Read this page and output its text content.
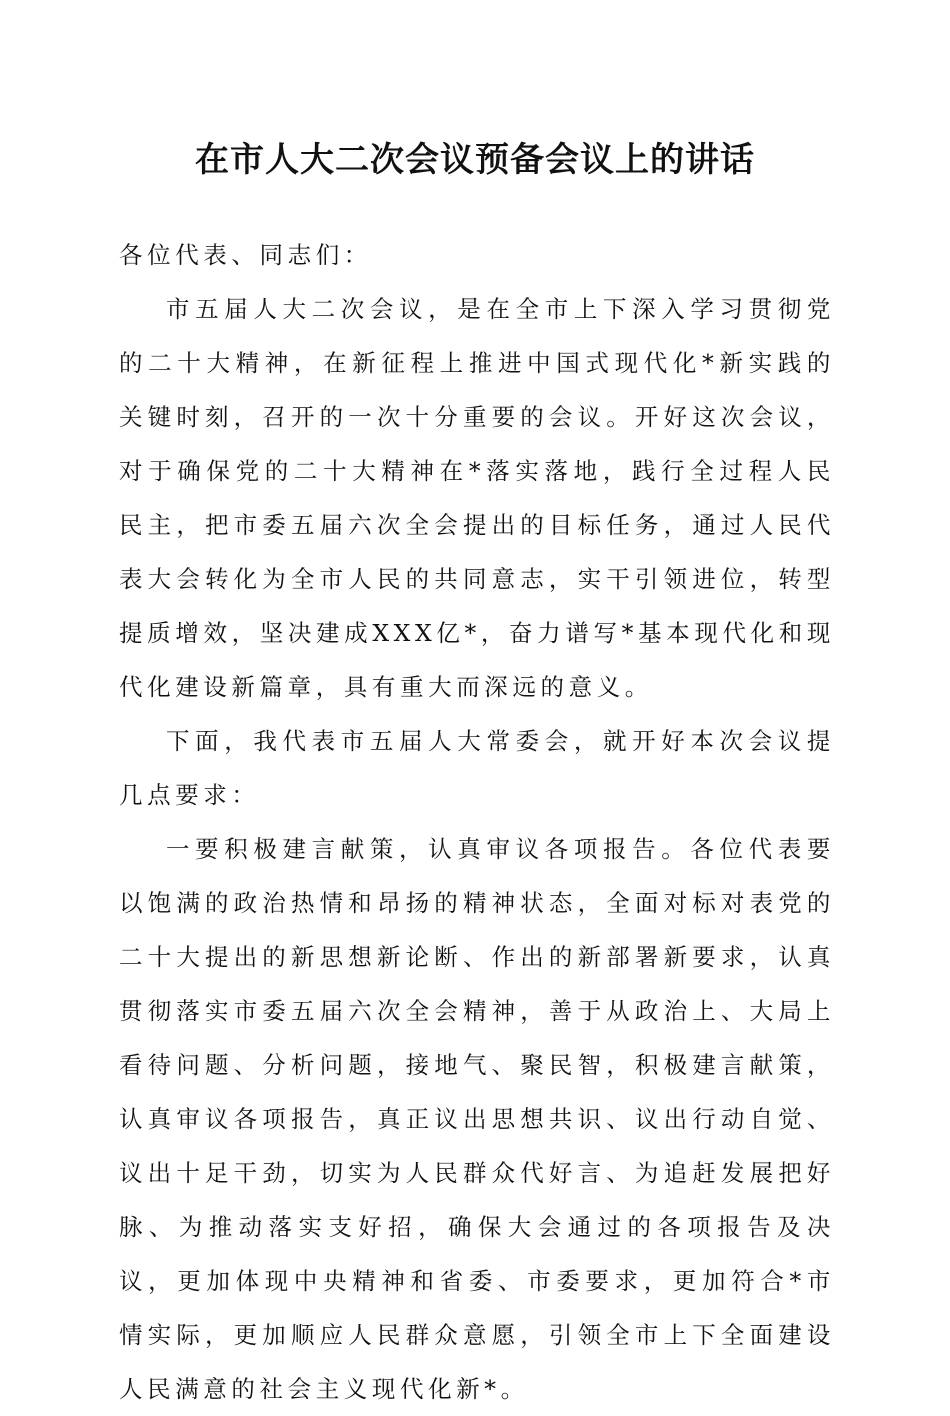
在市人大二次会议预备会议上的讲话

各位代表、同志们：

市五届人大二次会议，是在全市上下深入学习贯彻党的二十大精神，在新征程上推进中国式现代化*新实践的关键时刻，召开的一次十分重要的会议。开好这次会议，对于确保党的二十大精神在*落实落地，践行全过程人民民主，把市委五届六次全会提出的目标任务，通过人民代表大会转化为全市人民的共同意志，实干引领进位，转型提质增效，坚决建成XXX亿*，奋力谱写*基本现代化和现代化建设新篇章，具有重大而深远的意义。

下面，我代表市五届人大常委会，就开好本次会议提几点要求：

一要积极建言献策，认真审议各项报告。各位代表要以饱满的政治热情和昂扬的精神状态，全面对标对表党的二十大提出的新思想新论断、作出的新部署新要求，认真贯彻落实市委五届六次全会精神，善于从政治上、大局上看待问题、分析问题，接地气、聚民智，积极建言献策，认真审议各项报告，真正议出思想共识、议出行动自觉、议出十足干劲，切实为人民群众代好言、为追赶发展把好脉、为推动落实支好招，确保大会通过的各项报告及决议，更加体现中央精神和省委、市委要求，更加符合*市情实际，更加顺应人民群众意愿，引领全市上下全面建设人民满意的社会主义现代化新*。
